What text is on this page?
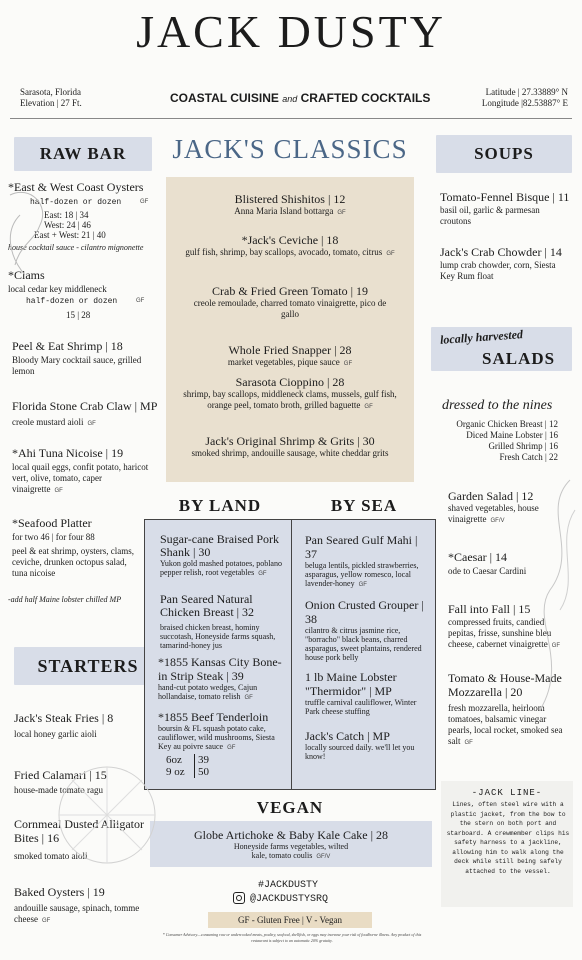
JACK DUSTY
Sarasota, Florida
Elevation | 27 Ft.	COASTAL CUISINE and CRAFTED COCKTAILS	Latitude | 27.33889° N
Longitude |82.53887° E
RAW BAR
*East & West Coast Oysters
half-dozen or dozen	GF
East: 18 | 34
West: 24 | 46
East + West: 21 | 40
house cocktail sauce - cilantro mignonette
*Clams
local cedar key middleneck
half-dozen or dozen	GF
15 | 28
Peel & Eat Shrimp | 18
Bloody Mary cocktail sauce, grilled lemon
Florida Stone Crab Claw | MP
creole mustard aioli GF
*Ahi Tuna Nicoise | 19
local quail eggs, confit potato, haricot vert, olive, tomato, caper vinaigrette GF
*Seafood Platter
for two 46 | for four 88
peel & eat shrimp, oysters, clams, ceviche, drunken octopus salad, tuna nicoise
-add half Maine lobster chilled MP
STARTERS
Jack's Steak Fries | 8
local honey garlic aioli
Fried Calamari | 15
house-made tomato ragu
Cornmeal Dusted Alligator Bites | 16
smoked tomato aioli
Baked Oysters | 19
andouille sausage, spinach, tomme cheese GF
JACK'S CLASSICS
Blistered Shishitos | 12
Anna Maria Island bottarga GF
*Jack's Ceviche | 18
gulf fish, shrimp, bay scallops, avocado, tomato, citrus GF
Crab & Fried Green Tomato | 19
creole remoulade, charred tomato vinaigrette, pico de gallo
Whole Fried Snapper | 28
market vegetables, pique sauce GF
Sarasota Cioppino | 28
shrimp, bay scallops, middleneck clams, mussels, gulf fish, orange peel, tomato broth, grilled baguette GF
Jack's Original Shrimp & Grits | 30
smoked shrimp, andouille sausage, white cheddar grits
BY LAND	BY SEA
Sugar-cane Braised Pork Shank | 30
Yukon gold mashed potatoes, poblano pepper relish, root vegetables GF
Pan Seared Natural Chicken Breast | 32
braised chicken breast, hominy succotash, Honeyside farms squash, tamarind-honey jus
*1855 Kansas City Bone-in Strip Steak | 39
hand-cut potato wedges, Cajun hollandaise, tomato relish GF
*1855 Beef Tenderloin
boursin & FL squash potato cake, cauliflower, wild mushrooms, Siesta Key au poivre sauce GF
6oz 39
9 oz 50
Pan Seared Gulf Mahi | 37
beluga lentils, pickled strawberries, asparagus, yellow romesco, local lavender-honey GF
Onion Crusted Grouper | 38
cilantro & citrus jasmine rice, "borracho" black beans, charred asparagus, sweet plantains, rendered house pork belly
1 lb Maine Lobster "Thermidor" | MP
truffle carnival cauliflower, Winter Park cheese stuffing
Jack's Catch | MP
locally sourced daily. we'll let you know!
VEGAN
Globe Artichoke & Baby Kale Cake | 28
Honeyside farms vegetables, wilted kale, tomato coulis GF/V
#JACKDUSTY
@JACKDUSTYSRQ
GF - Gluten Free | V - Vegan
* Consumer Advisory—consuming raw or undercooked meats, poultry, seafood, shellfish, or eggs may increase your risk of foodborne illness. Any product of this restaurant is subject to an automatic 20% gratuity.
SOUPS
Tomato-Fennel Bisque | 11
basil oil, garlic & parmesan croutons
Jack's Crab Chowder | 14
lump crab chowder, corn, Siesta Key Rum float
locally harvested
SALADS
dressed to the nines
Organic Chicken Breast | 12
Diced Maine Lobster | 16
Grilled Shrimp | 16
Fresh Catch | 22
Garden Salad | 12
shaved vegetables, house vinaigrette GF/V
*Caesar | 14
ode to Caesar Cardini
Fall into Fall | 15
compressed fruits, candied pepitas, frisse, sunshine bleu cheese, cabernet vinaigrette GF
Tomato & House-Made Mozzarella | 20
fresh mozzarella, heirloom tomatoes, balsamic vinegar pearls, local rocket, smoked sea salt GF
-JACK LINE-
Lines, often steel wire with a plastic jacket, from the bow to the stern on both port and starboard. A crewmember clips his safety harness to a jackline, allowing him to walk along the deck while still being safely attached to the vessel.
